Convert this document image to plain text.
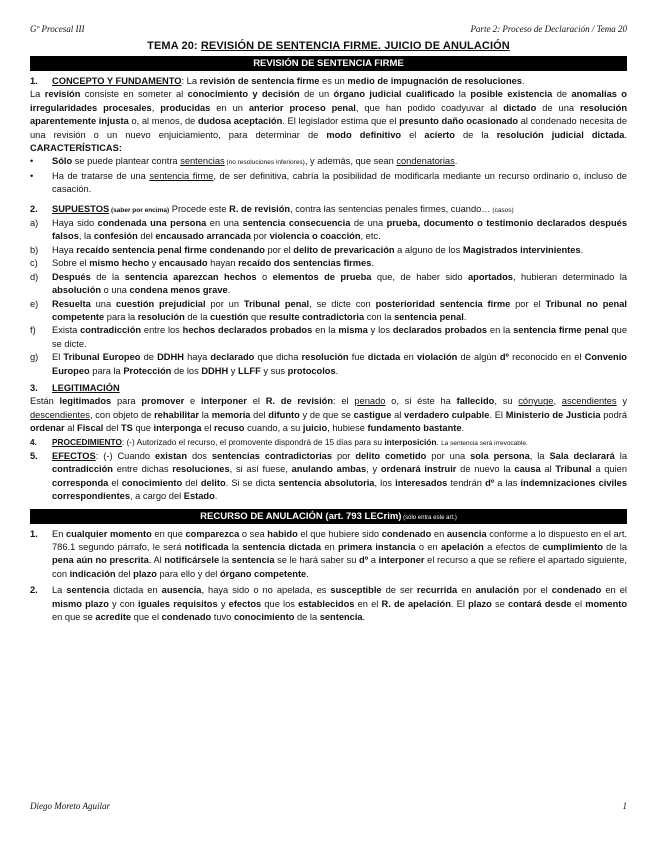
Gº Procesal III	Parte 2: Proceso de Declaración / Tema 20
TEMA 20: REVISIÓN DE SENTENCIA FIRME. JUICIO DE ANULACIÓN
REVISIÓN DE SENTENCIA FIRME
1. CONCEPTO Y FUNDAMENTO: La revisión de sentencia firme es un medio de impugnación de resoluciones.

La revisión consiste en someter al conocimiento y decisión de un órgano judicial cualificado la posible existencia de anomalías o irregularidades procesales, producidas en un anterior proceso penal, que han podido coadyuvar al dictado de una resolución aparentemente injusta o, al menos, de dudosa aceptación. El legislador estima que el presunto daño ocasionado al condenado necesita de una revisión o un nuevo enjuiciamiento, para determinar de modo definitivo el acierto de la resolución judicial dictada. CARACTERÍSTICAS:

• Sólo se puede plantear contra sentencias (no resoluciones inferiores), y además, que sean condenatorias.
• Ha de tratarse de una sentencia firme, de ser definitiva, cabría la posibilidad de modificarla mediante un recurso ordinario o, incluso de casación.
2. SUPUESTOS (saber por encima) Procede este R. de revisión, contra las sentencias penales firmes, cuando… (casos)
a) Haya sido condenada una persona en una sentencia consecuencia de una prueba, documento o testimonio declarados después falsos, la confesión del encausado arrancada por violencia o coacción, etc.
b) Haya recaído sentencia penal firme condenando por el delito de prevaricación a alguno de los Magistrados intervinientes.
c) Sobre el mismo hecho y encausado hayan recaído dos sentencias firmes.
d) Después de la sentencia aparezcan hechos o elementos de prueba que, de haber sido aportados, hubieran determinado la absolución o una condena menos grave.
e) Resuelta una cuestión prejudicial por un Tribunal penal, se dicte con posterioridad sentencia firme por el Tribunal no penal competente para la resolución de la cuestión que resulte contradictoria con la sentencia penal.
f) Exista contradicción entre los hechos declarados probados en la misma y los declarados probados en la sentencia firme penal que se dicte.
g) El Tribunal Europeo de DDHH haya declarado que dicha resolución fue dictada en violación de algún dº reconocido en el Convenio Europeo para la Protección de los DDHH y LLFF y sus protocolos.
3. LEGITIMACIÓN

Están legitimados para promover e interponer el R. de revisión: el penado o, si éste ha fallecido, su cónyuge, ascendientes y descendientes, con objeto de rehabilitar la memoria del difunto y de que se castigue al verdadero culpable. El Ministerio de Justicia podrá ordenar al Fiscal del TS que interponga el recuso cuando, a su juicio, hubiese fundamento bastante.

4. PROCEDIMIENTO: (-) Autorizado el recurso, el promovente dispondrá de 15 días para su interposición. La sentencia será irrevocable.
5. EFECTOS: (-) Cuando existan dos sentencias contradictorias por delito cometido por una sola persona, la Sala declarará la contradicción entre dichas resoluciones, si así fuese, anulando ambas, y ordenará instruir de nuevo la causa al Tribunal a quien corresponda el conocimiento del delito. Si se dicta sentencia absolutoria, los interesados tendrán dº a las indemnizaciones civiles correspondientes, a cargo del Estado.
RECURSO DE ANULACIÓN (art. 793 LECrim) (sólo entra este art.)
1. En cualquier momento en que comparezca o sea habido el que hubiere sido condenado en ausencia conforme a lo dispuesto en el art. 786.1 segundo párrafo, le será notificada la sentencia dictada en primera instancia o en apelación a efectos de cumplimiento de la pena aún no prescrita. Al notificársele la sentencia se le hará saber su dº a interponer el recurso a que se refiere el apartado siguiente, con indicación del plazo para ello y del órgano competente.
2. La sentencia dictada en ausencia, haya sido o no apelada, es susceptible de ser recurrida en anulación por el condenado en el mismo plazo y con iguales requisitos y efectos que los establecidos en el R. de apelación. El plazo se contará desde el momento en que se acredite que el condenado tuvo conocimiento de la sentencia.
Diego Moreto Aguilar	1
